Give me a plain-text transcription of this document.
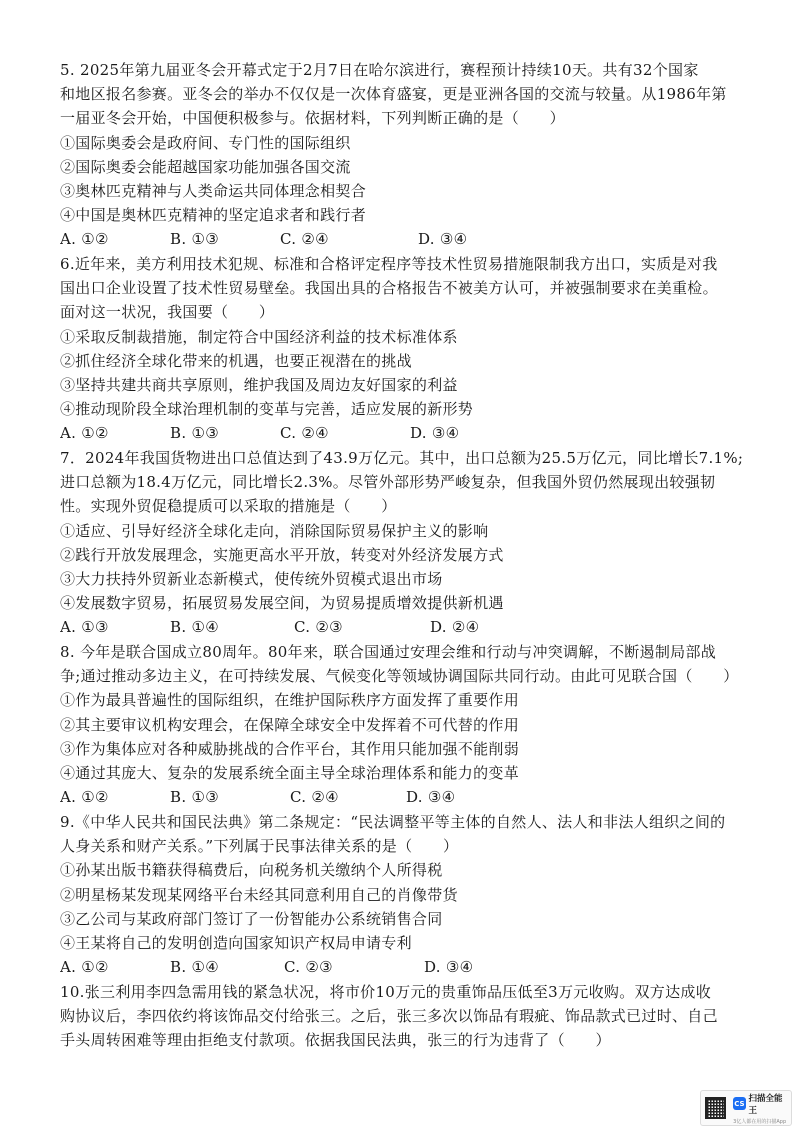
5. 2025年第九届亚冬会开幕式定于2月7日在哈尔滨进行，赛程预计持续10天。共有32个国家
和地区报名参赛。亚冬会的举办不仅仅是一次体育盛宴，更是亚洲各国的交流与较量。从1986年第
一届亚冬会开始，中国便积极参与。依据材料，下列判断正确的是（　　）
①国际奥委会是政府间、专门性的国际组织
②国际奥委会能超越国家功能加强各国交流
③奥林匹克精神与人类命运共同体理念相契合
④中国是奥林匹克精神的坚定追求者和践行者
A. ①②	B. ①③	C. ②④	D. ③④
6.近年来，美方利用技术犯规、标准和合格评定程序等技术性贸易措施限制我方出口，实质是对我
国出口企业设置了技术性贸易壁垒。我国出具的合格报告不被美方认可，并被强制要求在美重检。
面对这一状况，我国要（　　）
①采取反制裁措施，制定符合中国经济利益的技术标准体系
②抓住经济全球化带来的机遇，也要正视潜在的挑战
③坚持共建共商共享原则，维护我国及周边友好国家的利益
④推动现阶段全球治理机制的变革与完善，适应发展的新形势
A. ①②	B. ①③	C. ②④	D. ③④
7．2024年我国货物进出口总值达到了43.9万亿元。其中，出口总额为25.5万亿元，同比增长7.1%;
进口总额为18.4万亿元，同比增长2.3%。尽管外部形势严峻复杂，但我国外贸仍然展现出较强韧
性。实现外贸促稳提质可以采取的措施是（　　）
①适应、引导好经济全球化走向，消除国际贸易保护主义的影响
②践行开放发展理念，实施更高水平开放，转变对外经济发展方式
③大力扶持外贸新业态新模式，使传统外贸模式退出市场
④发展数字贸易，拓展贸易发展空间，为贸易提质增效提供新机遇
A. ①③	B. ①④	C. ②③	D. ②④
8. 今年是联合国成立80周年。80年来，联合国通过安理会维和行动与冲突调解，不断遏制局部战
争;通过推动多边主义，在可持续发展、气候变化等领域协调国际共同行动。由此可见联合国（　　）
①作为最具普遍性的国际组织，在维护国际秩序方面发挥了重要作用
②其主要审议机构安理会，在保障全球安全中发挥着不可代替的作用
③作为集体应对各种威胁挑战的合作平台，其作用只能加强不能削弱
④通过其庞大、复杂的发展系统全面主导全球治理体系和能力的变革
A. ①②	B. ①③	C. ②④	D. ③④
9.《中华人民共和国民法典》第二条规定：“民法调整平等主体的自然人、法人和非法人组织之间的
人身关系和财产关系。”下列属于民事法律关系的是（　　）
①孙某出版书籍获得稿费后，向税务机关缴纳个人所得税
②明星杨某发现某网络平台未经其同意利用自己的肖像带货
③乙公司与某政府部门签订了一份智能办公系统销售合同
④王某将自己的发明创造向国家知识产权局申请专利
A. ①②	B. ①④	C. ②③	D. ③④
10.张三利用李四急需用钱的紧急状况，将市价10万元的贵重饰品压低至3万元收购。双方达成收
购协议后，李四依约将该饰品交付给张三。之后，张三多次以饰品有瑕疵、饰品款式已过时、自己
手头周转困难等理由拒绝支付款项。依据我国民法典，张三的行为违背了（　　）
CS 扫描全能王
3亿人都在用的扫描App
